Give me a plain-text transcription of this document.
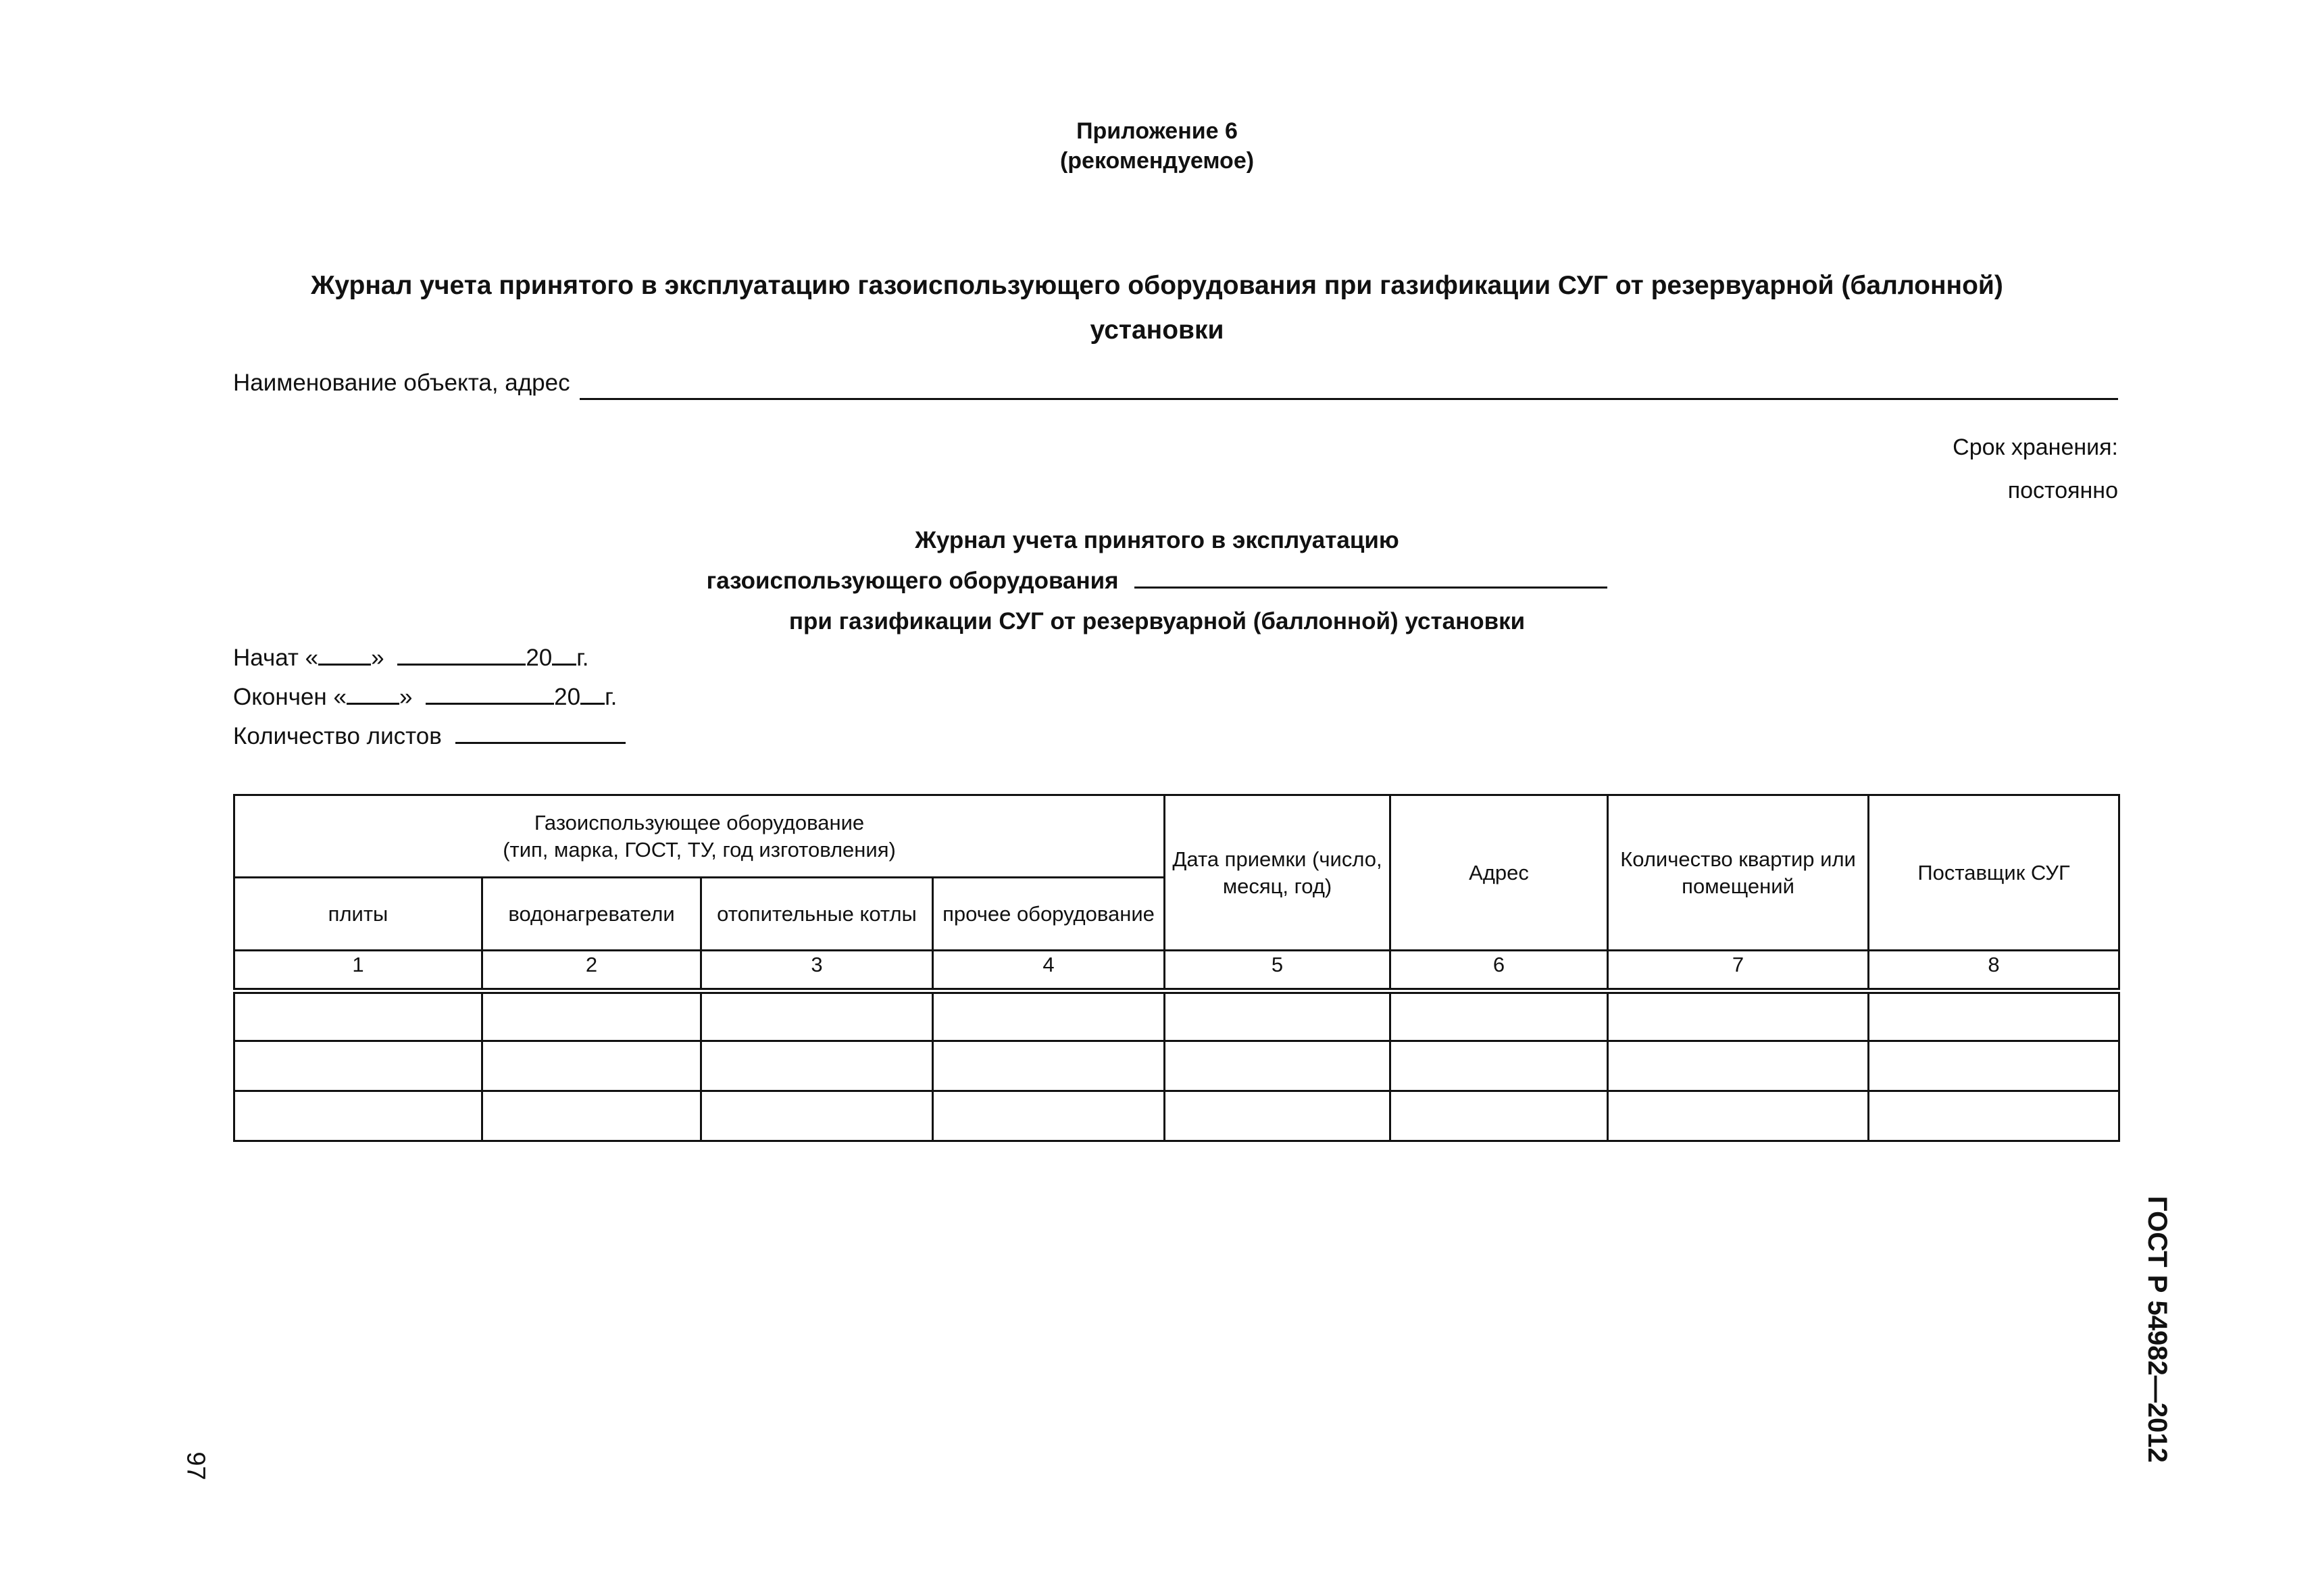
Приложение 6
(рекомендуемое)
Журнал учета принятого в эксплуатацию газоиспользующего оборудования при газификации СУГ от резервуарной (баллонной)
установки
Наименование объекта, адрес
Срок хранения:
постоянно
Журнал учета принятого в эксплуатацию
газоиспользующего оборудования
при газификации СУГ от резервуарной (баллонной) установки
Начат « »	20 г.
Окончен « »	20 г.
Количество листов
Газоиспользующее оборудование
(тип, марка, ГОСТ, ТУ, год изготовления)				Дата приемки (число, месяц, год)	Адрес	Количество квартир или помещений	Поставщик СУГ
плиты	водонагреватели	отопительные котлы	прочее оборудование				
1	2	3	4	5	6	7	8

ГОСТ Р 54982—2012
97
